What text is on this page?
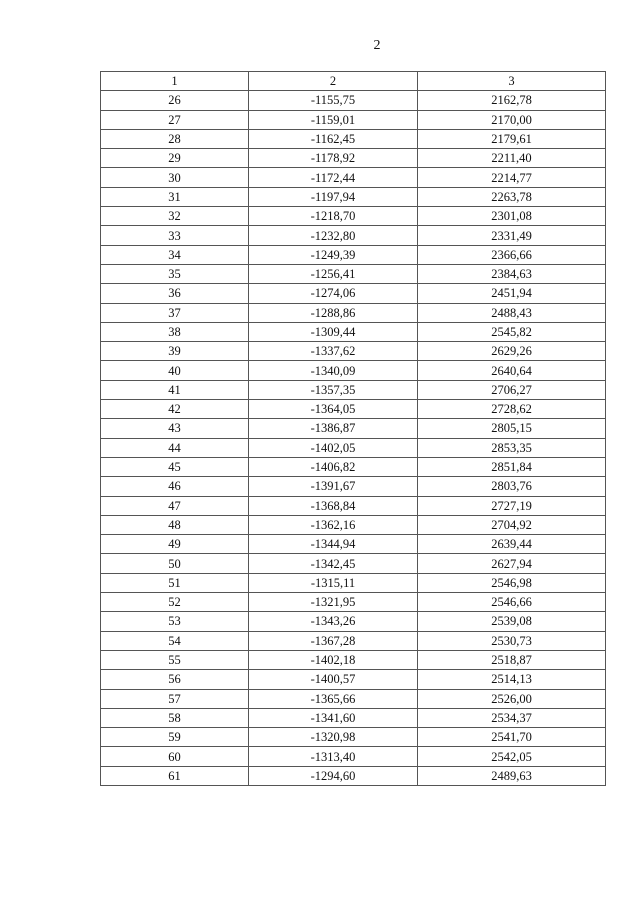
2
1	2	3
26	-1155,75	2162,78
27	-1159,01	2170,00
28	-1162,45	2179,61
29	-1178,92	2211,40
30	-1172,44	2214,77
31	-1197,94	2263,78
32	-1218,70	2301,08
33	-1232,80	2331,49
34	-1249,39	2366,66
35	-1256,41	2384,63
36	-1274,06	2451,94
37	-1288,86	2488,43
38	-1309,44	2545,82
39	-1337,62	2629,26
40	-1340,09	2640,64
41	-1357,35	2706,27
42	-1364,05	2728,62
43	-1386,87	2805,15
44	-1402,05	2853,35
45	-1406,82	2851,84
46	-1391,67	2803,76
47	-1368,84	2727,19
48	-1362,16	2704,92
49	-1344,94	2639,44
50	-1342,45	2627,94
51	-1315,11	2546,98
52	-1321,95	2546,66
53	-1343,26	2539,08
54	-1367,28	2530,73
55	-1402,18	2518,87
56	-1400,57	2514,13
57	-1365,66	2526,00
58	-1341,60	2534,37
59	-1320,98	2541,70
60	-1313,40	2542,05
61	-1294,60	2489,63
